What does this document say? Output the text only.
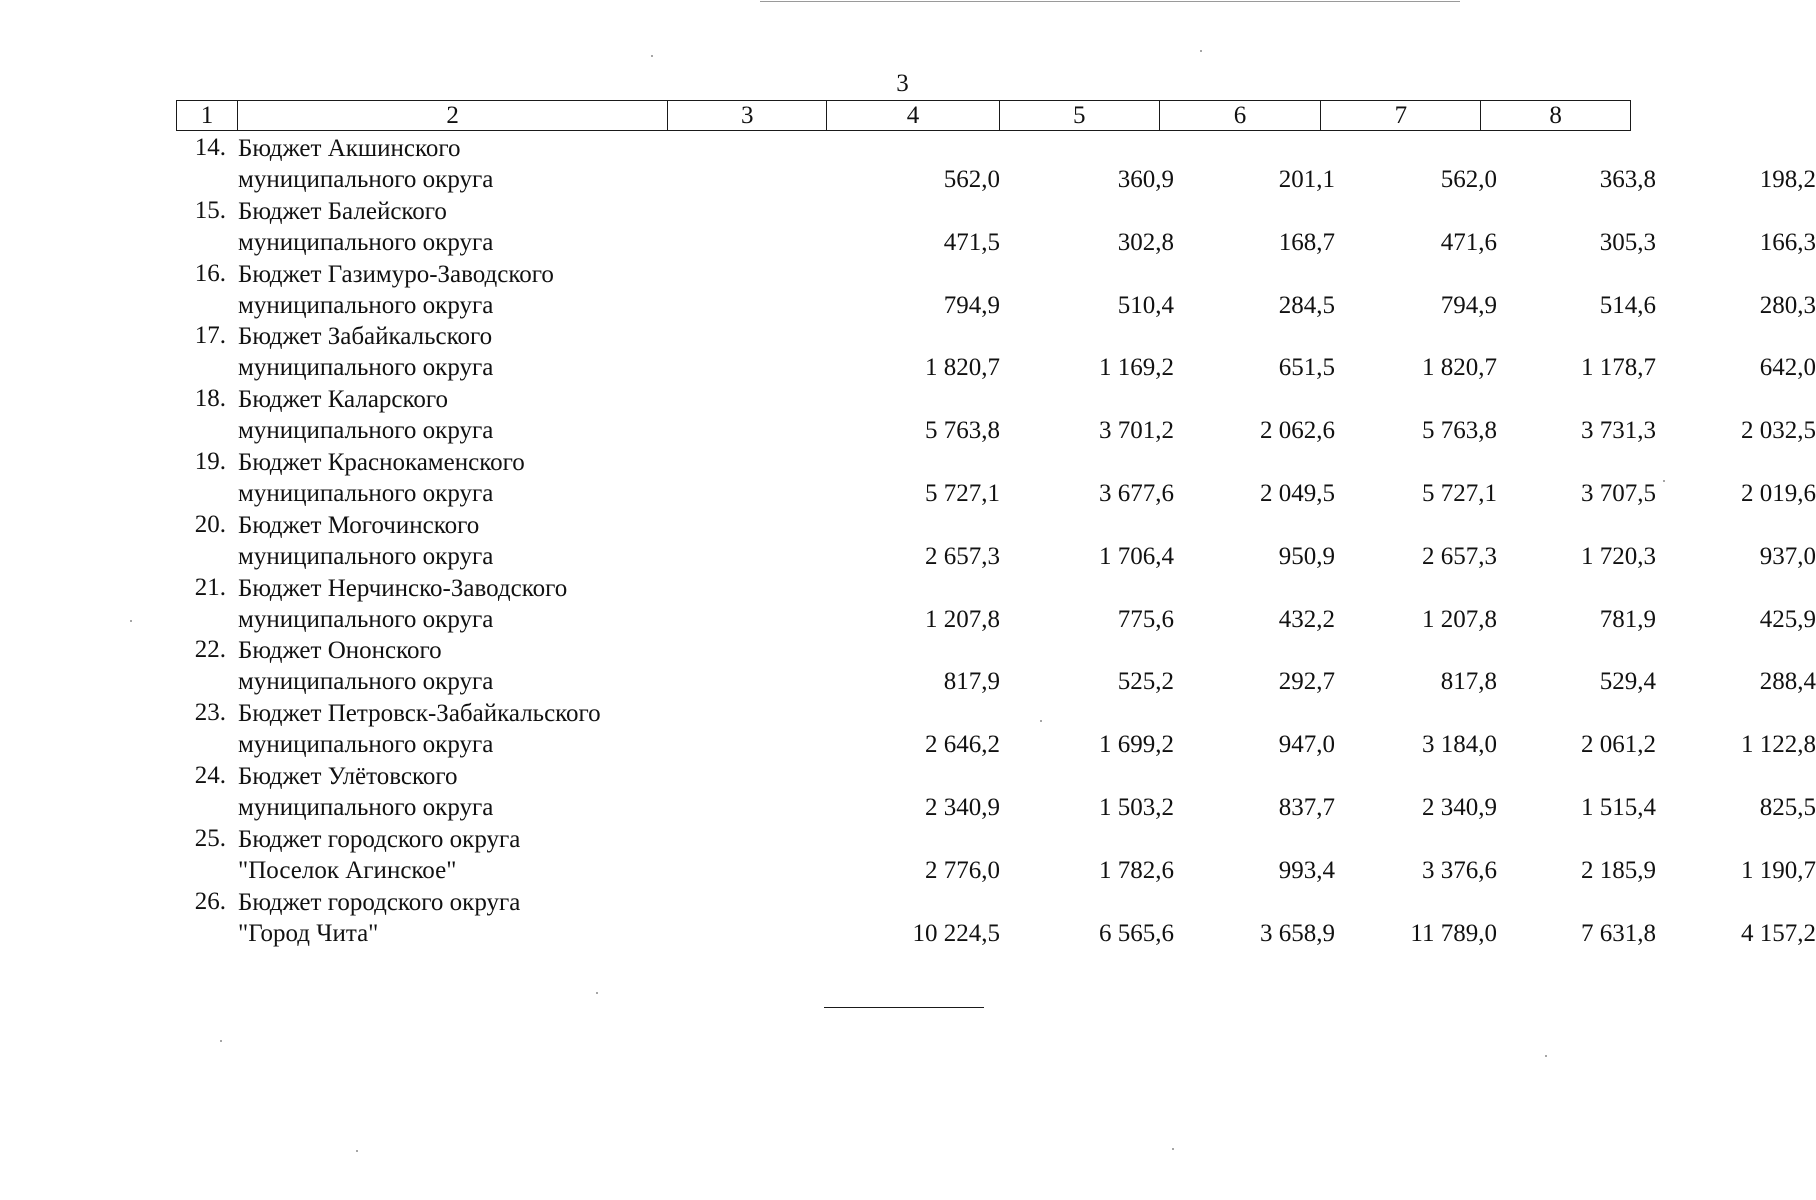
3
1	2	3	4	5	6	7	8
14. Бюджет Акшинского
муниципального округа	562,0	360,9	201,1	562,0	363,8	198,2
15. Бюджет Балейского
муниципального округа	471,5	302,8	168,7	471,6	305,3	166,3
16. Бюджет Газимуро-Заводского
муниципального округа	794,9	510,4	284,5	794,9	514,6	280,3
17. Бюджет Забайкальского
муниципального округа	1 820,7	1 169,2	651,5	1 820,7	1 178,7	642,0
18. Бюджет Каларского
муниципального округа	5 763,8	3 701,2	2 062,6	5 763,8	3 731,3	2 032,5
19. Бюджет Краснокаменского
муниципального округа	5 727,1	3 677,6	2 049,5	5 727,1	3 707,5	2 019,6
20. Бюджет Могочинского
муниципального округа	2 657,3	1 706,4	950,9	2 657,3	1 720,3	937,0
21. Бюджет Нерчинско-Заводского
муниципального округа	1 207,8	775,6	432,2	1 207,8	781,9	425,9
22. Бюджет Ононского
муниципального округа	817,9	525,2	292,7	817,8	529,4	288,4
23. Бюджет Петровск-Забайкальского
муниципального округа	2 646,2	1 699,2	947,0	3 184,0	2 061,2	1 122,8
24. Бюджет Улётовского
муниципального округа	2 340,9	1 503,2	837,7	2 340,9	1 515,4	825,5
25. Бюджет городского округа
"Поселок Агинское"	2 776,0	1 782,6	993,4	3 376,6	2 185,9	1 190,7
26. Бюджет городского округа
"Город Чита"	10 224,5	6 565,6	3 658,9	11 789,0	7 631,8	4 157,2
